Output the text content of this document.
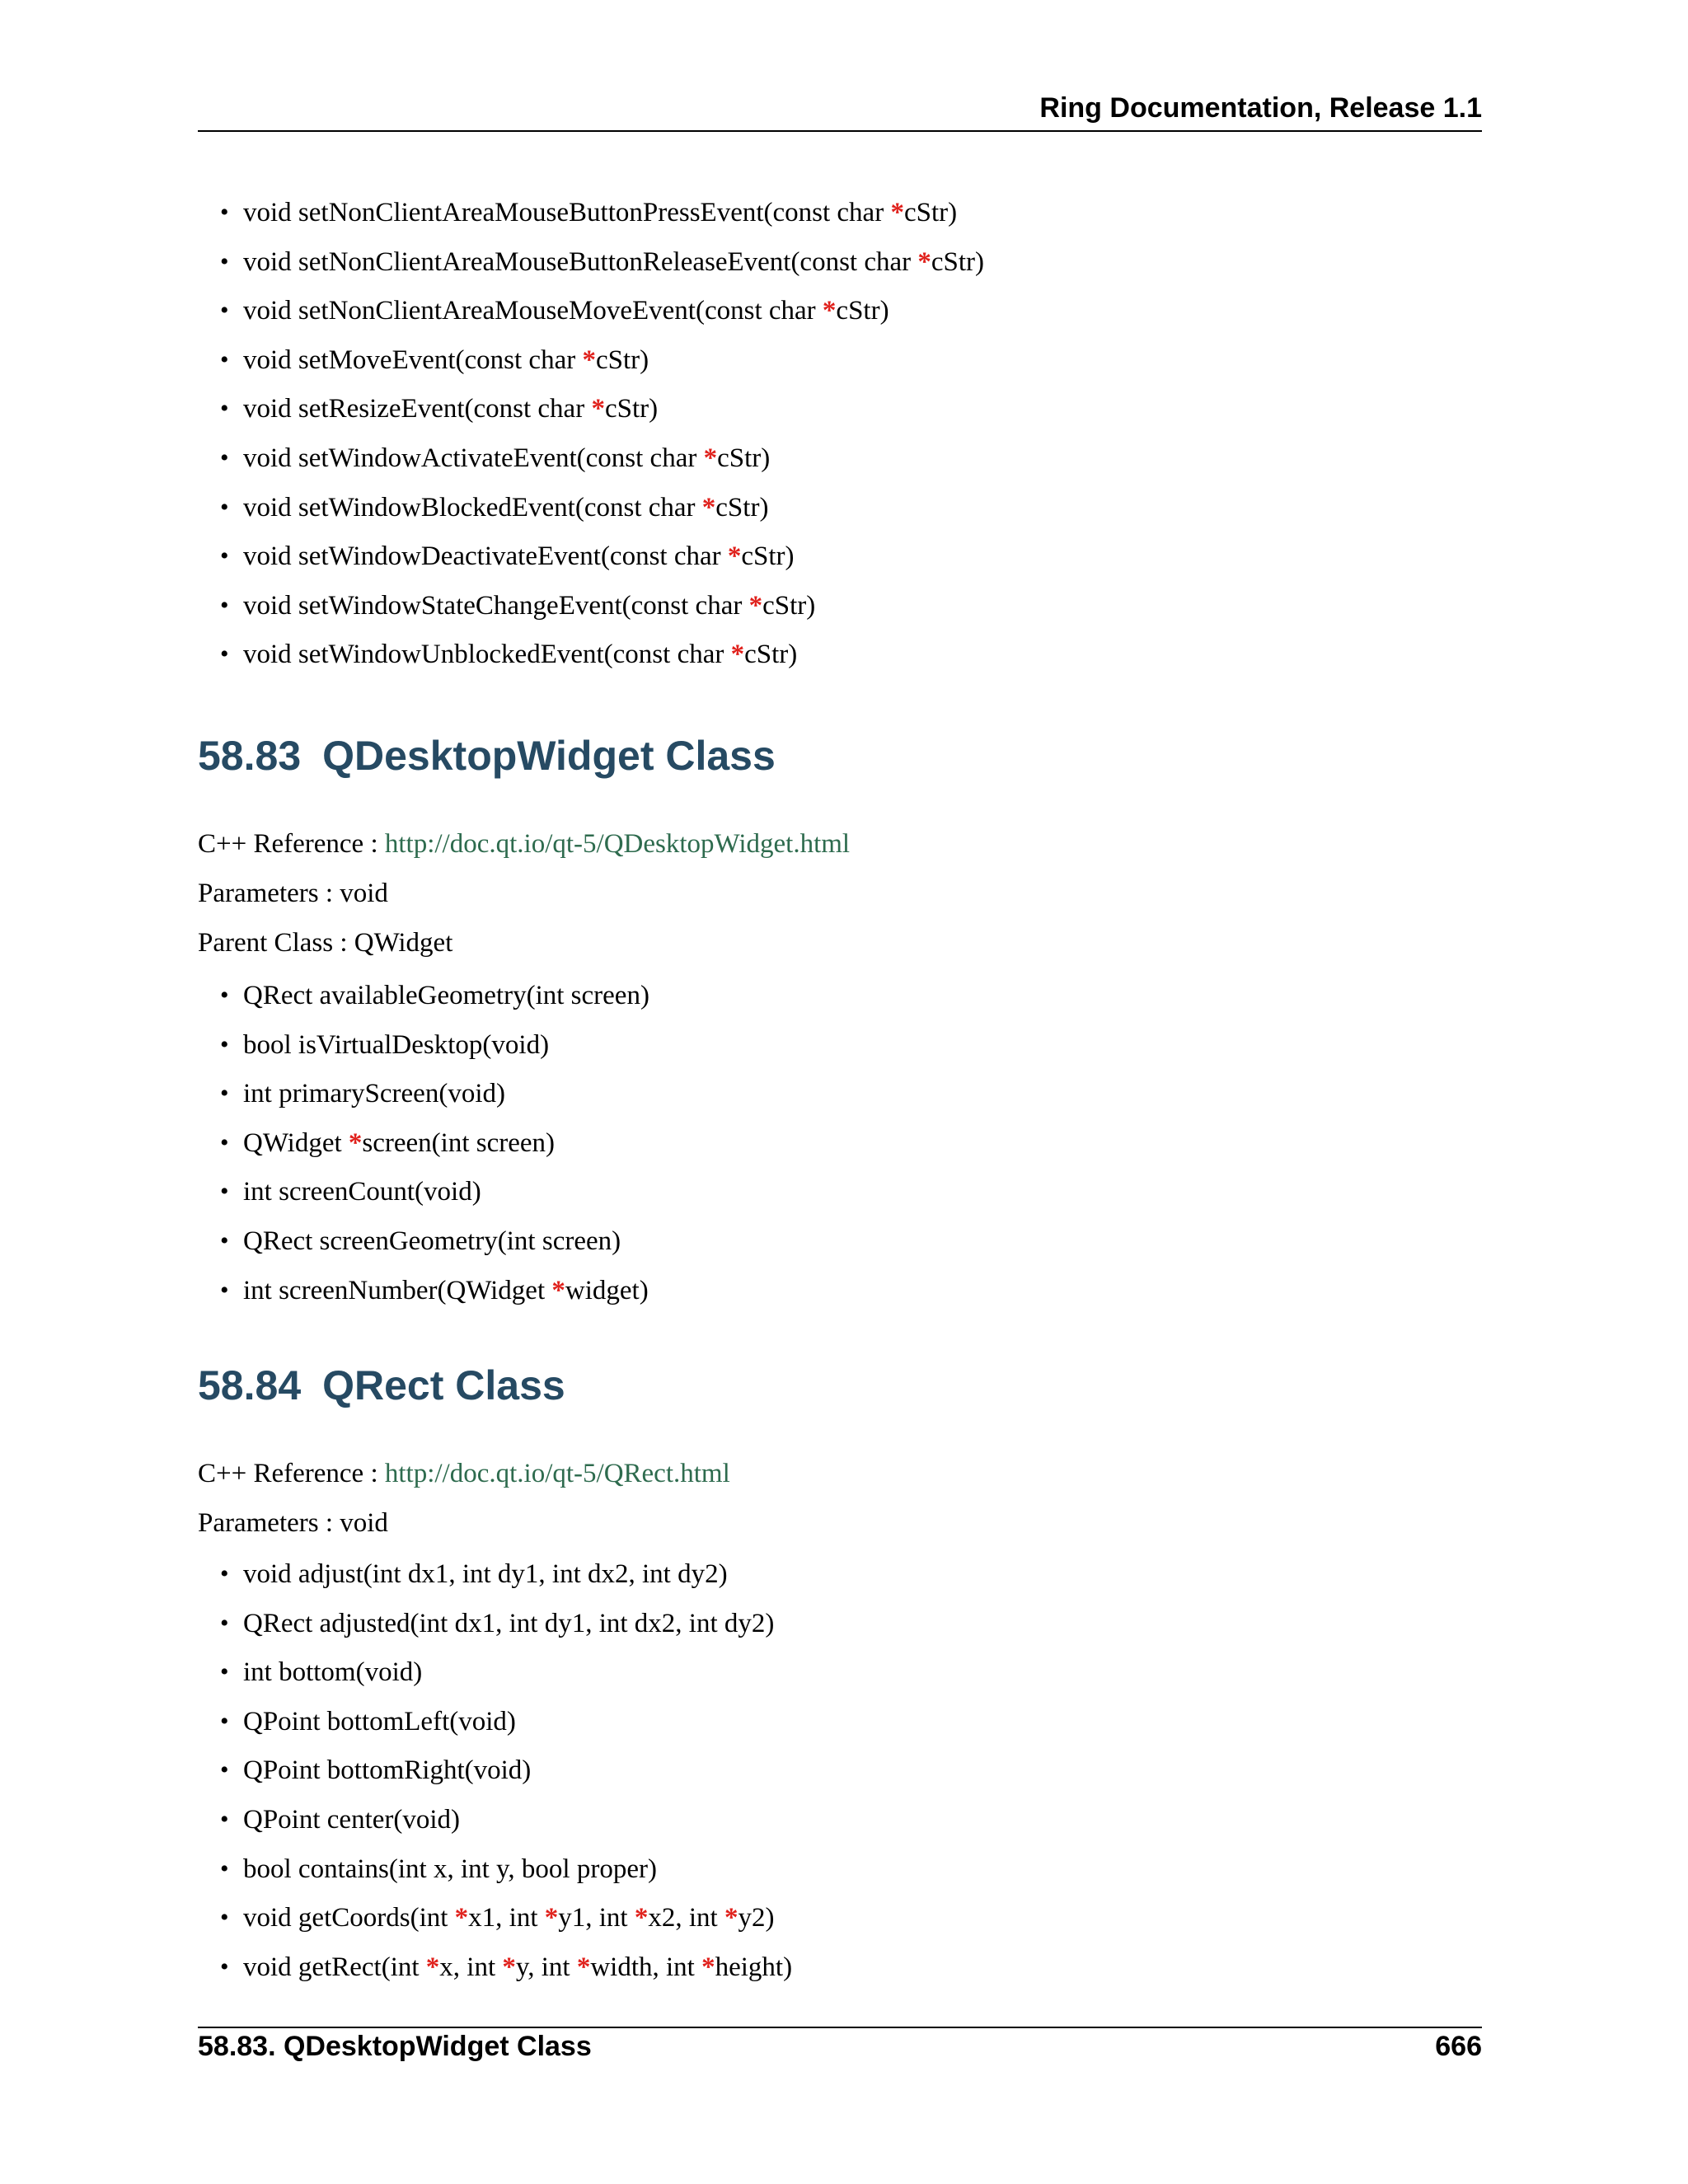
Ring Documentation, Release 1.1
• void setNonClientAreaMouseButtonPressEvent(const char *cStr)
• void setNonClientAreaMouseButtonReleaseEvent(const char *cStr)
• void setNonClientAreaMouseMoveEvent(const char *cStr)
• void setMoveEvent(const char *cStr)
• void setResizeEvent(const char *cStr)
• void setWindowActivateEvent(const char *cStr)
• void setWindowBlockedEvent(const char *cStr)
• void setWindowDeactivateEvent(const char *cStr)
• void setWindowStateChangeEvent(const char *cStr)
• void setWindowUnblockedEvent(const char *cStr)
58.83 QDesktopWidget Class
C++ Reference : http://doc.qt.io/qt-5/QDesktopWidget.html
Parameters : void
Parent Class : QWidget
• QRect availableGeometry(int screen)
• bool isVirtualDesktop(void)
• int primaryScreen(void)
• QWidget *screen(int screen)
• int screenCount(void)
• QRect screenGeometry(int screen)
• int screenNumber(QWidget *widget)
58.84 QRect Class
C++ Reference : http://doc.qt.io/qt-5/QRect.html
Parameters : void
• void adjust(int dx1, int dy1, int dx2, int dy2)
• QRect adjusted(int dx1, int dy1, int dx2, int dy2)
• int bottom(void)
• QPoint bottomLeft(void)
• QPoint bottomRight(void)
• QPoint center(void)
• bool contains(int x, int y, bool proper)
• void getCoords(int *x1, int *y1, int *x2, int *y2)
• void getRect(int *x, int *y, int *width, int *height)
58.83. QDesktopWidget Class	666
